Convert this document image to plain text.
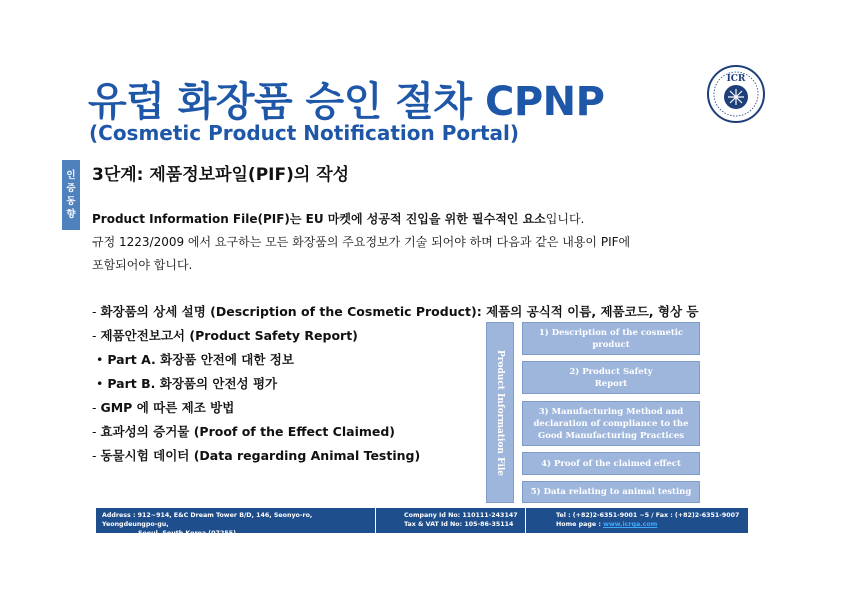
유럽 화장품 승인 절차 CPNP
(Cosmetic Product Notification Portal)
ICR
인
증
동
향
3단계: 제품정보파일(PIF)의 작성
Product Information File(PIF)는 EU 마켓에 성공적 진입을 위한 필수적인 요소입니다.
규정 1223/2009 에서 요구하는 모든 화장품의 주요정보가 기술 되어야 하며 다음과 같은 내용이 PIF에
포함되어야 합니다.
- 화장품의 상세 설명 (Description of the Cosmetic Product): 제품의 공식적 이름, 제품코드, 형상 등
- 제품안전보고서 (Product Safety Report)
• Part A. 화장품 안전에 대한 정보
• Part B. 화장품의 안전성 평가
- GMP 에 따른 제조 방법
- 효과성의 증거물 (Proof of the Effect Claimed)
- 동물시험 데이터 (Data regarding Animal Testing)	Product Information File
1) Description of the cosmetic
product
2) Product Safety
Report
3) Manufacturing Method and
declaration of compliance to the
Good Manufacturing Practices
4) Proof of the claimed effect
5) Data relating to animal testing
Address : 912~914, E&C Dream Tower B/D, 146, Seonyo-ro, Yeongdeungpo-gu,
Seoul, South Korea (07255)
Company Id No: 110111-243147
Tax & VAT Id No: 105-86-35114
Tel : (+82)2-6351-9001 ~5 / Fax : (+82)2-6351-9007
Home page : www.icrqa.com
